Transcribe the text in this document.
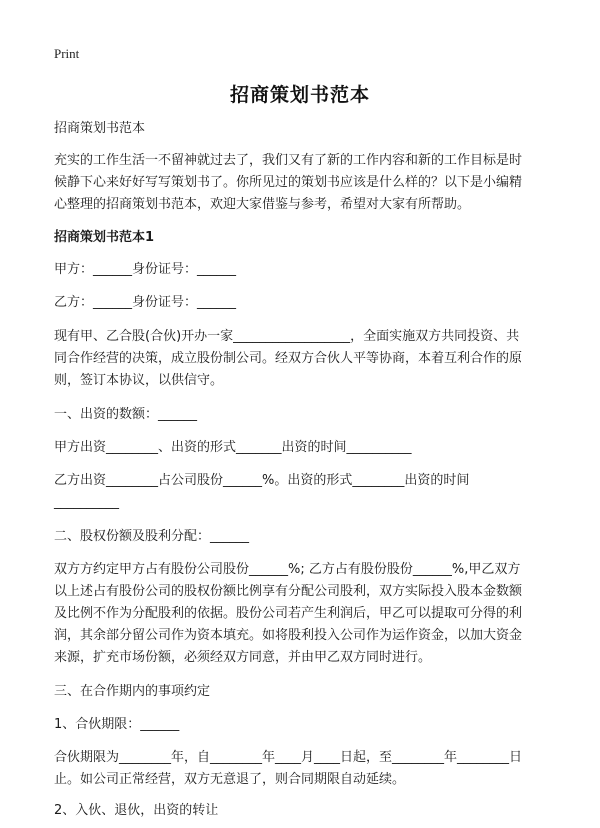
Print
招商策划书范本
招商策划书范本
充实的工作生活一不留神就过去了，我们又有了新的工作内容和新的工作目标是时
候静下心来好好写写策划书了。你所见过的策划书应该是什么样的？以下是小编精
心整理的招商策划书范本，欢迎大家借鉴与参考，希望对大家有所帮助。
招商策划书范本1
甲方：______身份证号：______
乙方：______身份证号：______
现有甲、乙合股(合伙)开办一家__________________，全面实施双方共同投资、共
同合作经营的决策，成立股份制公司。经双方合伙人平等协商，本着互利合作的原
则，签订本协议，以供信守。
一、出资的数额：______
甲方出资________、出资的形式_______出资的时间__________
乙方出资________占公司股份______%。出资的形式________出资的时间
__________
二、股权份额及股利分配：______
双方方约定甲方占有股份公司股份______%; 乙方占有股份股份______%,甲乙双方
以上述占有股份公司的股权份额比例享有分配公司股利，双方实际投入股本金数额
及比例不作为分配股利的依据。股份公司若产生利润后，甲乙可以提取可分得的利
润，其余部分留公司作为资本填充。如将股利投入公司作为运作资金，以加大资金
来源，扩充市场份额，必须经双方同意，并由甲乙双方同时进行。
三、在合作期内的事项约定
1、合伙期限：______
合伙期限为________年，自________年____月____日起，至________年________日
止。如公司正常经营，双方无意退了，则合同期限自动延续。
2、入伙、退伙，出资的转让
